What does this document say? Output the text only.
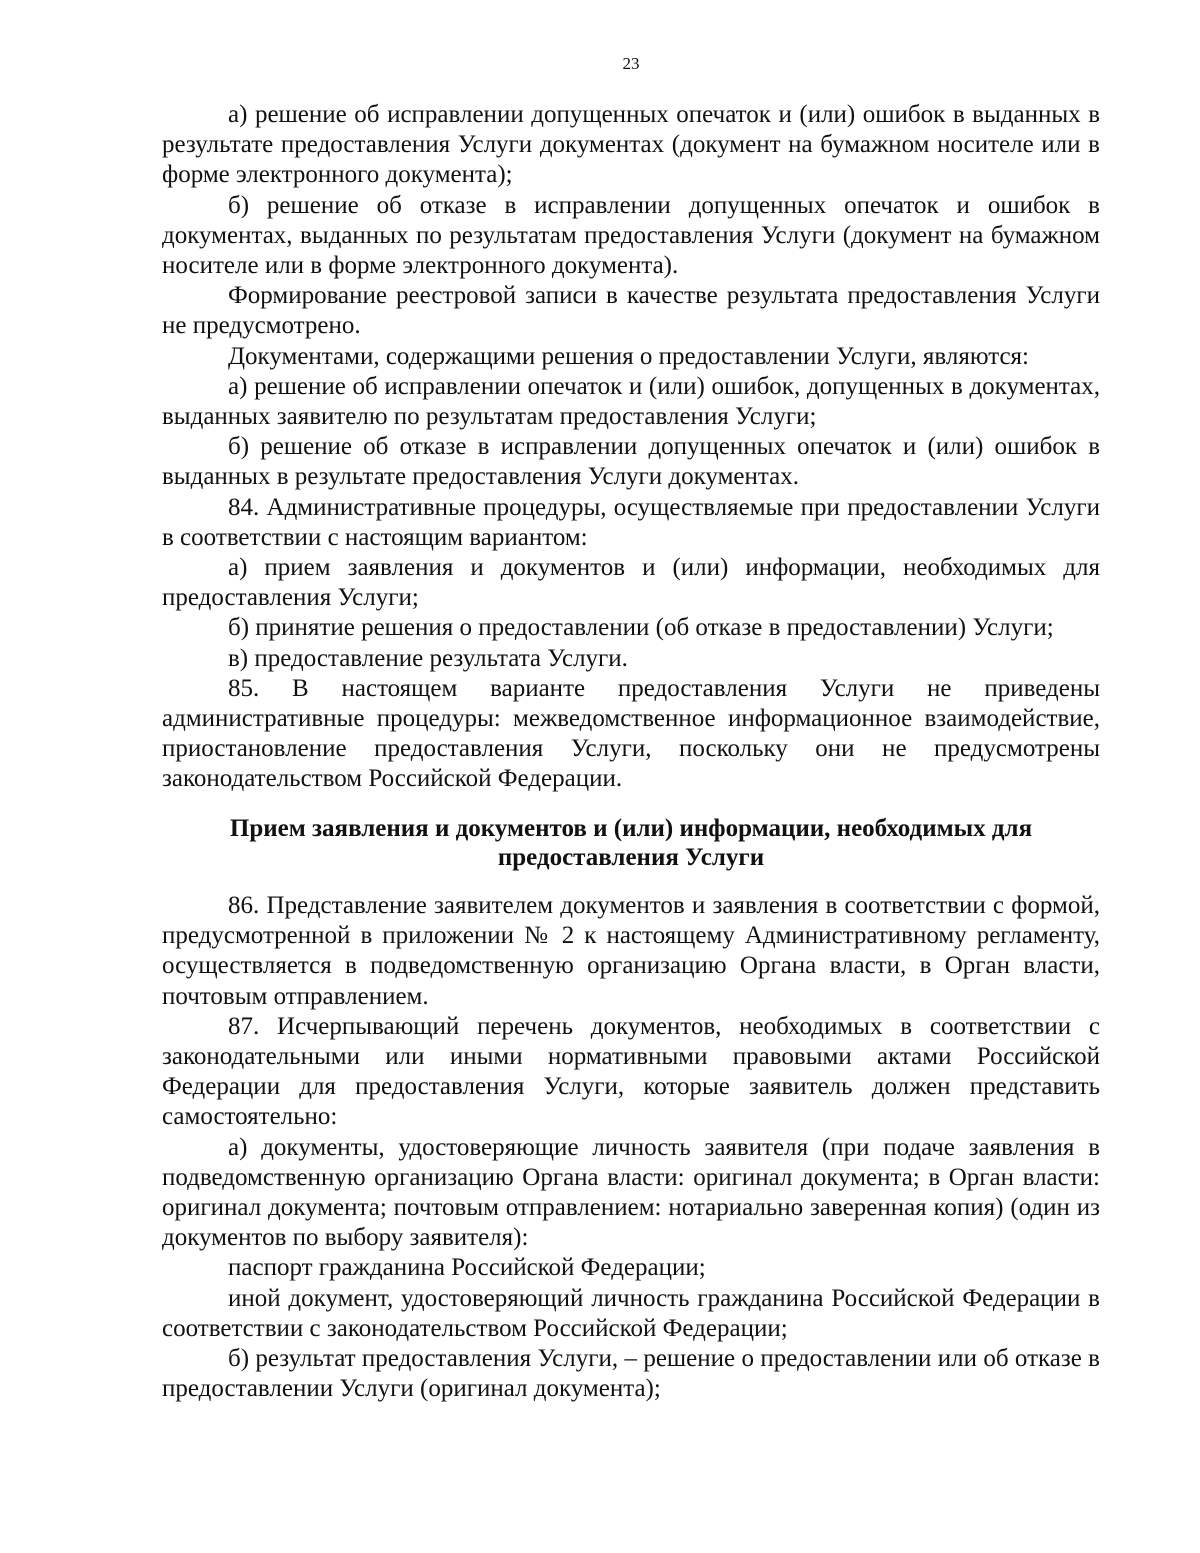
23

а) решение об исправлении допущенных опечаток и (или) ошибок в выданных в результате предоставления Услуги документах (документ на бумажном носителе или в форме электронного документа);

б) решение об отказе в исправлении допущенных опечаток и ошибок в документах, выданных по результатам предоставления Услуги (документ на бумажном носителе или в форме электронного документа).

Формирование реестровой записи в качестве результата предоставления Услуги не предусмотрено.

Документами, содержащими решения о предоставлении Услуги, являются:

а) решение об исправлении опечаток и (или) ошибок, допущенных в документах, выданных заявителю по результатам предоставления Услуги;

б) решение об отказе в исправлении допущенных опечаток и (или) ошибок в выданных в результате предоставления Услуги документах.

84. Административные процедуры, осуществляемые при предоставлении Услуги в соответствии с настоящим вариантом:

а) прием заявления и документов и (или) информации, необходимых для предоставления Услуги;

б) принятие решения о предоставлении (об отказе в предоставлении) Услуги;

в) предоставление результата Услуги.

85. В настоящем варианте предоставления Услуги не приведены административные процедуры: межведомственное информационное взаимодействие, приостановление предоставления Услуги, поскольку они не предусмотрены законодательством Российской Федерации.

Прием заявления и документов и (или) информации, необходимых для
предоставления Услуги

86. Представление заявителем документов и заявления в соответствии с формой, предусмотренной в приложении № 2 к настоящему Административному регламенту, осуществляется в подведомственную организацию Органа власти, в Орган власти, почтовым отправлением.

87. Исчерпывающий перечень документов, необходимых в соответствии с законодательными или иными нормативными правовыми актами Российской Федерации для предоставления Услуги, которые заявитель должен представить самостоятельно:

а) документы, удостоверяющие личность заявителя (при подаче заявления в подведомственную организацию Органа власти: оригинал документа; в Орган власти: оригинал документа; почтовым отправлением: нотариально заверенная копия) (один из документов по выбору заявителя):

паспорт гражданина Российской Федерации;

иной документ, удостоверяющий личность гражданина Российской Федерации в соответствии с законодательством Российской Федерации;

б) результат предоставления Услуги, – решение о предоставлении или об отказе в предоставлении Услуги (оригинал документа);
